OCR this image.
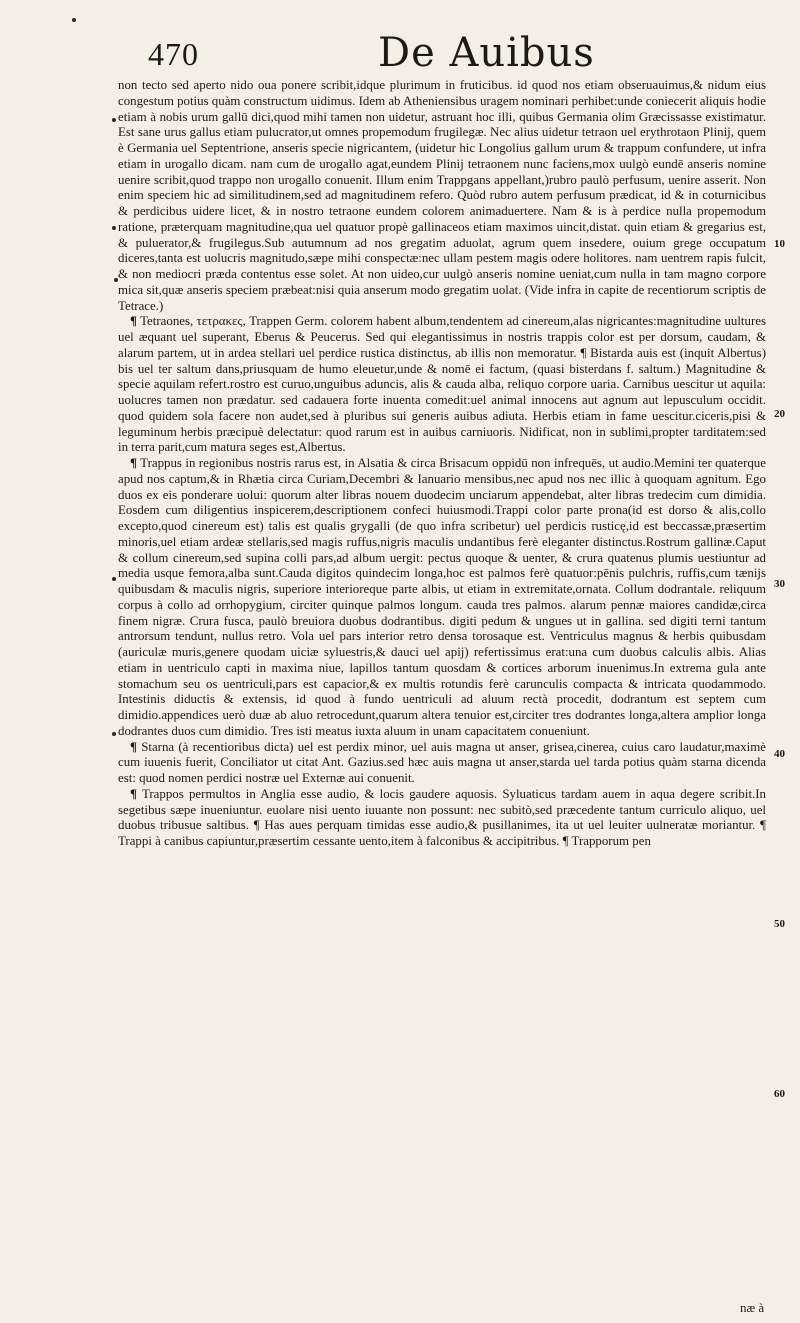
470	De Auibus

non tecto sed aperto nido oua ponere scribit,idque plurimum in fruticibus. id quod nos etiam obseruauimus,& nidum eius congestum potius quàm constructum uidimus. Idem ab Atheniensibus uragem nominari perhibet:unde coniecerit aliquis hodie etiam à nobis urum gallū dici,quod mihi tamen non uidetur, astruant hoc illi, quibus Germania olim Græcissasse existimatur. Est sane urus gallus etiam pulucrator,ut omnes propemodum frugilegæ. Nec alius uidetur tetraon uel erythrotaon Plinij, quem è Germania uel Septentrione, anseris specie nigricantem, (uidetur hic Longolius gallum urum & trappum confundere, ut infra etiam in urogallo dicam. nam cum de urogallo agat,eundem Plinij tetraonem nunc faciens,mox uulgò eundē anseris nomine uenire scribit,quod trappo non urogallo conuenit. Illum enim Trappgans appellant,)rubro paulò perfusum, uenire asserit. Non enim speciem hic ad similitudinem,sed ad magnitudinem refero. Quòd rubro autem perfusum prædicat, id & in coturnicibus & perdicibus uidere licet, & in nostro tetraone eundem colorem animaduertere. Nam & is à perdice nulla propemodum ratione, præterquam magnitudine,qua uel quatuor propè gallinaceos etiam maximos uincit,distat. quin etiam & gregarius est, & puluerator,& frugilegus.Sub autumnum ad nos gregatim aduolat, agrum quem insedere, ouium grege occupatum diceres,tanta est uolucris magnitudo,sæpe mihi conspectæ:nec ullam pestem magis odere holitores. nam uentrem rapis fulcit, & non mediocri præda contentus esse solet. At non uideo,cur uulgò anseris nomine ueniat,cum nulla in tam magno corpore mica sit,quæ anseris speciem præbeat:nisi quia anserum modo gregatim uolat. (Vide infra in capite de recentiorum scriptis de Tetrace.)

¶ Tetraones, τετρακες, Trappen Germ. colorem habent album,tendentem ad cinereum,alas nigricantes:magnitudine uultures uel æquant uel superant, Eberus & Peucerus. Sed qui elegantissimus in nostris trappis color est per dorsum, caudam, & alarum partem, ut in ardea stellari uel perdice rustica distinctus, ab illis non memoratur. ¶ Bistarda auis est (inquit Albertus) bis uel ter saltum dans,priusquam de humo eleuetur,unde & nomē ei factum, (quasi bisterdans f. saltum.) Magnitudine & specie aquilam refert.rostro est curuo,unguibus aduncis, alis & cauda alba, reliquo corpore uaria. Carnibus uescitur ut aquila: uolucres tamen non prædatur. sed cadauera forte inuenta comedit:uel animal innocens aut agnum aut lepusculum occidit. quod quidem sola facere non audet,sed à pluribus sui generis auibus adiuta. Herbis etiam in fame uescitur.ciceris,pisi & leguminum herbis præcipuè delectatur: quod rarum est in auibus carniuoris. Nidificat, non in sublimi,propter tarditatem:sed in terra parit,cum matura seges est,Albertus.

¶ Trappus in regionibus nostris rarus est, in Alsatia & circa Brisacum oppidū non infrequēs, ut audio.Memini ter quaterque apud nos captum,& in Rhætia circa Curiam,Decembri & Ianuario mensibus,nec apud nos nec illic à quoquam agnitum. Ego duos ex eis ponderare uolui: quorum alter libras nouem duodecim unciarum appendebat, alter libras tredecim cum dimidia. Eosdem cum diligentius inspicerem,descriptionem confeci huiusmodi.Trappi color parte prona(id est dorso & alis,collo excepto,quod cinereum est) talis est qualis grygalli (de quo infra scribetur) uel perdicis rusticę,id est beccassæ,præsertim minoris,uel etiam ardeæ stellaris,sed magis ruffus,nigris maculis undantibus ferè eleganter distinctus.Rostrum gallinæ.Caput & collum cinereum,sed supina colli pars,ad album uergit: pectus quoque & uenter, & crura quatenus plumis uestiuntur ad media usque femora,alba sunt.Cauda digitos quindecim longa,hoc est palmos ferè quatuor:pēnis pulchris, ruffis,cum tænijs quibusdam & maculis nigris, superiore interioreque parte albis, ut etiam in extremitate,ornata. Collum dodrantale. reliquum corpus à collo ad orrhopygium, circiter quinque palmos longum. cauda tres palmos. alarum pennæ maiores candidæ,circa finem nigræ. Crura fusca, paulò breuiora duobus dodrantibus. digiti pedum & ungues ut in gallina. sed digiti terni tantum antrorsum tendunt, nullus retro. Vola uel pars interior retro densa torosaque est. Ventriculus magnus & herbis quibusdam (auriculæ muris,genere quodam uiciæ syluestris,& dauci uel apij) refertissimus erat:una cum duobus calculis albis. Alias etiam in uentriculo capti in maxima niue, lapillos tantum quosdam & cortices arborum inuenimus.In extrema gula ante stomachum seu os uentriculi,pars est capacior,& ex multis rotundis ferè carunculis compacta & intricata quodammodo. Intestinis diductis & extensis, id quod à fundo uentriculi ad aluum rectà procedit, dodrantum est septem cum dimidio.appendices uerò duæ ab aluo retrocedunt,quarum altera tenuior est,circiter tres dodrantes longa,altera amplior longa dodrantes duos cum dimidio. Tres isti meatus iuxta aluum in unam capacitatem conueniunt.

¶ Starna (à recentioribus dicta) uel est perdix minor, uel auis magna ut anser, grisea,cinerea, cuius caro laudatur,maximè cum iuuenis fuerit, Conciliator ut citat Ant. Gazius.sed hæc auis magna ut anser,starda uel tarda potius quàm starna dicenda est: quod nomen perdici nostræ uel Externæ aui conuenit.

¶ Trappos permultos in Anglia esse audio, & locis gaudere aquosis. Syluaticus tardam auem in aqua degere scribit.In segetibus sæpe inueniuntur. euolare nisi uento iuuante non possunt: nec subitò,sed præcedente tantum curriculo aliquo, uel duobus tribusue saltibus. ¶ Has aues perquam timidas esse audio,& pusillanimes, ita ut uel leuiter uulneratæ moriantur. ¶ Trappi à canibus capiuntur,præsertim cessante uento,item à falconibus & accipitribus. ¶ Trapporum pen

10
20
30
40
50
60
næ à
